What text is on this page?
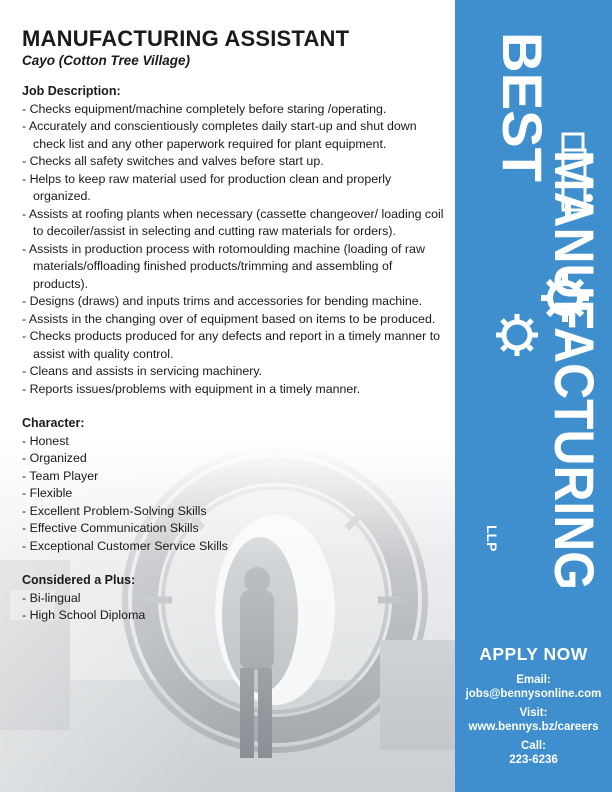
MANUFACTURING ASSISTANT

Cayo (Cotton Tree Village)

Job Description:

- Checks equipment/machine completely before staring /operating.
- Accurately and conscientiously completes daily start-up and shut down check list and any other paperwork required for plant equipment.
- Checks all safety switches and valves before start up.
- Helps to keep raw material used for production clean and properly organized.
- Assists at roofing plants when necessary (cassette changeover/ loading coil to decoiler/assist in selecting and cutting raw materials for orders).
- Assists in production process with rotomoulding machine (loading of raw materials/offloading finished products/trimming and assembling of products).
- Designs (draws) and inputs trims and accessories for bending machine.
- Assists in the changing over of equipment based on items to be produced.
- Checks products produced for any defects and report in a timely manner to assist with quality control.
- Cleans and assists in servicing machinery.
- Reports issues/problems with equipment in a timely manner.

Character:

- Honest
- Organized
- Team Player
- Flexible
- Excellent Problem-Solving Skills
- Effective Communication Skills
- Exceptional Customer Service Skills

Considered a Plus:

- Bi-lingual
- High School Diploma
BEST
MANUFACTURING
LLP
APPLY NOW
Email:
jobs@bennysonline.com
Visit:
www.bennys.bz/careers
Call:
223-6236
